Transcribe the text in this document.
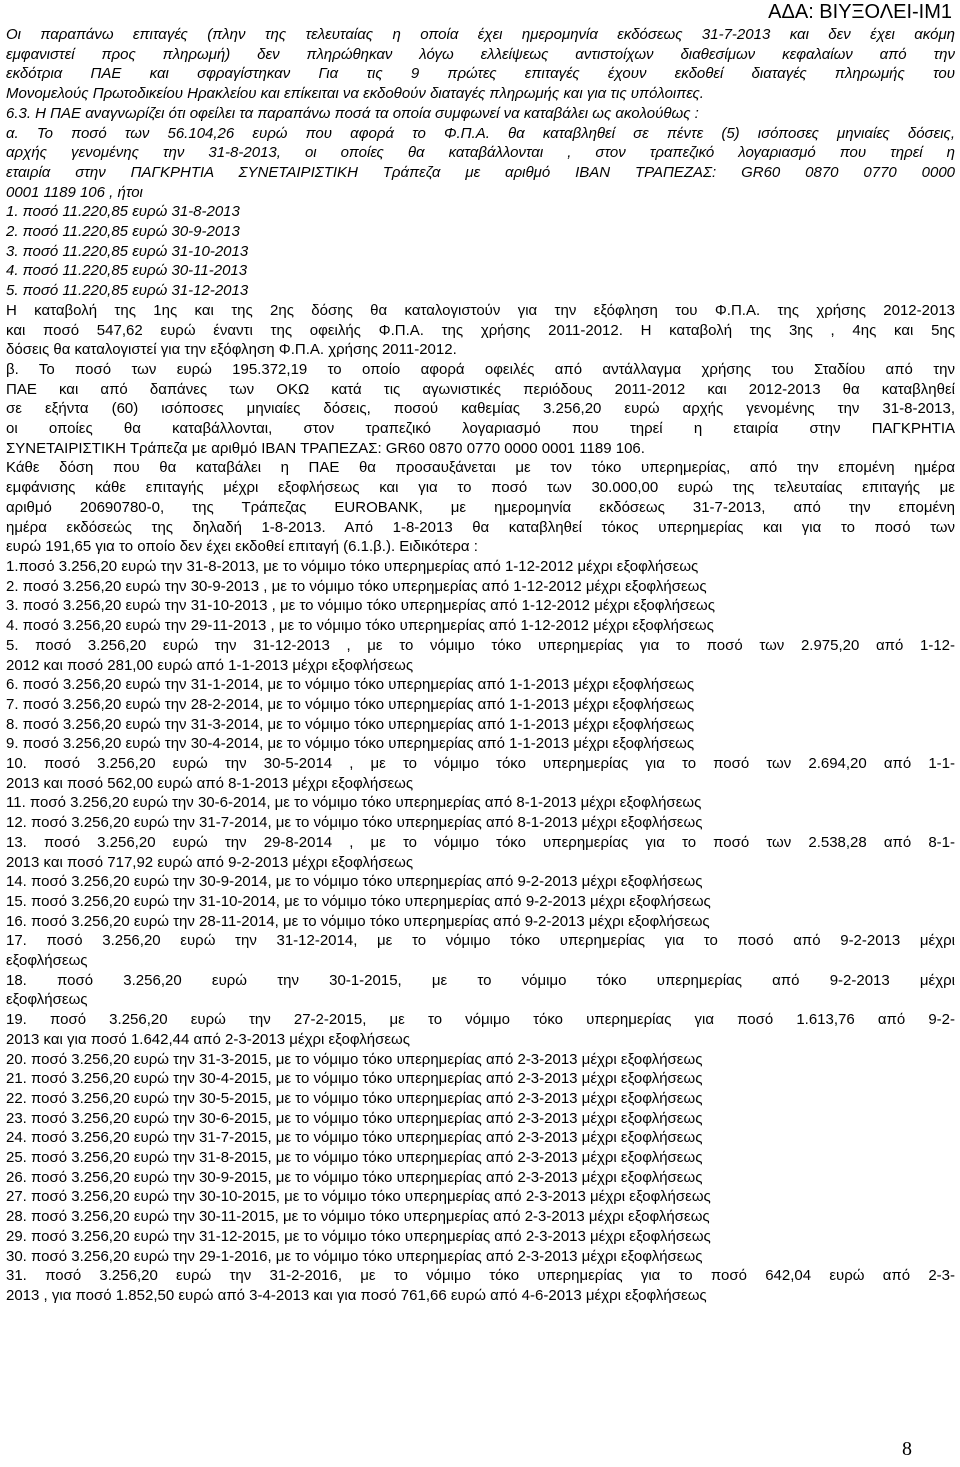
ΑΔΑ: ΒΙΥΞΟΛΕΙ-ΙΜ1
Οι παραπάνω επιταγές (πλην της τελευταίας η οποία έχει ημερομηνία εκδόσεως 31-7-2013 και δεν έχει ακόμη
εμφανιστεί προς πληρωμή) δεν πληρώθηκαν λόγω ελλείψεως αντιστοίχων διαθεσίμων κεφαλαίων από την
εκδότρια ΠΑΕ και σφραγίστηκαν Για τις 9 πρώτες επιταγές έχουν εκδοθεί διαταγές πληρωμής του
Μονομελούς Πρωτοδικείου Ηρακλείου και επίκειται να εκδοθούν διαταγές πληρωμής και για τις υπόλοιπες.
6.3. Η ΠΑΕ αναγνωρίζει ότι οφείλει τα παραπάνω ποσά τα οποία συμφωνεί να καταβάλει ως ακολούθως :
α. Το ποσό των 56.104,26 ευρώ που αφορά το Φ.Π.Α. θα καταβληθεί σε πέντε (5) ισόποσες μηνιαίες δόσεις,
αρχής γενομένης την 31-8-2013, οι οποίες θα καταβάλλονται , στον τραπεζικό λογαριασμό που τηρεί η
εταιρία στην ΠΑΓΚΡΗΤΙΑ ΣΥΝΕΤΑΙΡΙΣΤΙΚΗ Τράπεζα με αριθμό ΙΒΑΝ ΤΡΑΠΕΖΑΣ: GR60 0870 0770 0000
0001 1189 106 , ήτοι
1. ποσό 11.220,85 ευρώ 31-8-2013
2. ποσό 11.220,85 ευρώ 30-9-2013
3. ποσό 11.220,85 ευρώ 31-10-2013
4. ποσό 11.220,85 ευρώ 30-11-2013
5. ποσό 11.220,85 ευρώ 31-12-2013
Η καταβολή της 1ης και της 2ης δόσης θα καταλογιστούν για την εξόφληση του Φ.Π.Α. της χρήσης 2012-2013
και ποσό 547,62 ευρώ έναντι της οφειλής Φ.Π.Α. της χρήσης 2011-2012. Η καταβολή της 3ης , 4ης και 5ης
δόσεις θα καταλογιστεί για την εξόφληση Φ.Π.Α. χρήσης 2011-2012.
β. Το ποσό των ευρώ 195.372,19 το οποίο αφορά οφειλές από αντάλλαγμα χρήσης του Σταδίου από την
ΠΑΕ και από δαπάνες των ΟΚΩ κατά τις αγωνιστικές περιόδους 2011-2012 και 2012-2013 θα καταβληθεί
σε εξήντα (60) ισόποσες μηνιαίες δόσεις, ποσού καθεμίας 3.256,20 ευρώ αρχής γενομένης την 31-8-2013,
οι οποίες θα καταβάλλονται, στον τραπεζικό λογαριασμό που τηρεί η εταιρία στην ΠΑΓΚΡΗΤΙΑ
ΣΥΝΕΤΑΙΡΙΣΤΙΚΗ Τράπεζα με αριθμό ΙΒΑΝ ΤΡΑΠΕΖΑΣ: GR60 0870 0770 0000 0001 1189 106.
Κάθε δόση που θα καταβάλει η ΠΑΕ θα προσαυξάνεται με τον τόκο υπερημερίας, από την επομένη ημέρα
εμφάνισης κάθε επιταγής μέχρι εξοφλήσεως και για το ποσό των 30.000,00 ευρώ της τελευταίας επιταγής με
αριθμό 20690780-0, της Τράπεζας EUROBANK, με ημερομηνία εκδόσεως 31-7-2013, από την επομένη
ημέρα εκδόσεώς της δηλαδή 1-8-2013. Από 1-8-2013 θα καταβληθεί τόκος υπερημερίας και για το ποσό των
ευρώ 191,65 για το οποίο δεν έχει εκδοθεί επιταγή (6.1.β.). Ειδικότερα :
1.ποσό 3.256,20 ευρώ την 31-8-2013, με το νόμιμο τόκο υπερημερίας από 1-12-2012 μέχρι εξοφλήσεως
2. ποσό 3.256,20 ευρώ την 30-9-2013 , με το νόμιμο τόκο υπερημερίας από 1-12-2012 μέχρι εξοφλήσεως
3. ποσό 3.256,20 ευρώ την 31-10-2013 , με το νόμιμο τόκο υπερημερίας από 1-12-2012 μέχρι εξοφλήσεως
4. ποσό 3.256,20 ευρώ την 29-11-2013 , με το νόμιμο τόκο υπερημερίας από 1-12-2012 μέχρι εξοφλήσεως
5. ποσό 3.256,20 ευρώ την 31-12-2013 , με το νόμιμο τόκο υπερημερίας για το ποσό των 2.975,20 από 1-12-
2012 και ποσό 281,00 ευρώ από 1-1-2013 μέχρι εξοφλήσεως
6. ποσό 3.256,20 ευρώ την 31-1-2014, με το νόμιμο τόκο υπερημερίας από 1-1-2013 μέχρι εξοφλήσεως
7. ποσό 3.256,20 ευρώ την 28-2-2014, με το νόμιμο τόκο υπερημερίας από 1-1-2013 μέχρι εξοφλήσεως
8. ποσό 3.256,20 ευρώ την 31-3-2014, με το νόμιμο τόκο υπερημερίας από 1-1-2013 μέχρι εξοφλήσεως
9. ποσό 3.256,20 ευρώ την 30-4-2014, με το νόμιμο τόκο υπερημερίας από 1-1-2013 μέχρι εξοφλήσεως
10. ποσό 3.256,20 ευρώ την 30-5-2014 , με το νόμιμο τόκο υπερημερίας για το ποσό των 2.694,20 από 1-1-
2013 και ποσό 562,00 ευρώ από 8-1-2013 μέχρι εξοφλήσεως
11. ποσό 3.256,20 ευρώ την 30-6-2014, με το νόμιμο τόκο υπερημερίας από 8-1-2013 μέχρι εξοφλήσεως
12. ποσό 3.256,20 ευρώ την 31-7-2014, με το νόμιμο τόκο υπερημερίας από 8-1-2013 μέχρι εξοφλήσεως
13. ποσό 3.256,20 ευρώ την 29-8-2014 , με το νόμιμο τόκο υπερημερίας για το ποσό των 2.538,28 από 8-1-
2013 και ποσό 717,92 ευρώ από 9-2-2013 μέχρι εξοφλήσεως
14. ποσό 3.256,20 ευρώ την 30-9-2014, με το νόμιμο τόκο υπερημερίας από 9-2-2013 μέχρι εξοφλήσεως
15. ποσό 3.256,20 ευρώ την 31-10-2014, με το νόμιμο τόκο υπερημερίας από 9-2-2013 μέχρι εξοφλήσεως
16. ποσό 3.256,20 ευρώ την 28-11-2014, με το νόμιμο τόκο υπερημερίας από 9-2-2013 μέχρι εξοφλήσεως
17. ποσό 3.256,20 ευρώ την 31-12-2014, με το νόμιμο τόκο υπερημερίας για το ποσό από 9-2-2013 μέχρι
εξοφλήσεως
18. ποσό 3.256,20 ευρώ την 30-1-2015, με το νόμιμο τόκο υπερημερίας από 9-2-2013 μέχρι
εξοφλήσεως
19. ποσό 3.256,20 ευρώ την 27-2-2015, με το νόμιμο τόκο υπερημερίας για ποσό 1.613,76 από 9-2-
2013 και για ποσό 1.642,44 από 2-3-2013 μέχρι εξοφλήσεως
20. ποσό 3.256,20 ευρώ την 31-3-2015, με το νόμιμο τόκο υπερημερίας από 2-3-2013 μέχρι εξοφλήσεως
21. ποσό 3.256,20 ευρώ την 30-4-2015, με το νόμιμο τόκο υπερημερίας από 2-3-2013 μέχρι εξοφλήσεως
22. ποσό 3.256,20 ευρώ την 30-5-2015, με το νόμιμο τόκο υπερημερίας από 2-3-2013 μέχρι εξοφλήσεως
23. ποσό 3.256,20 ευρώ την 30-6-2015, με το νόμιμο τόκο υπερημερίας από 2-3-2013 μέχρι εξοφλήσεως
24. ποσό 3.256,20 ευρώ την 31-7-2015, με το νόμιμο τόκο υπερημερίας από 2-3-2013 μέχρι εξοφλήσεως
25. ποσό 3.256,20 ευρώ την 31-8-2015, με το νόμιμο τόκο υπερημερίας από 2-3-2013 μέχρι εξοφλήσεως
26. ποσό 3.256,20 ευρώ την 30-9-2015, με το νόμιμο τόκο υπερημερίας από 2-3-2013 μέχρι εξοφλήσεως
27. ποσό 3.256,20 ευρώ την 30-10-2015, με το νόμιμο τόκο υπερημερίας από 2-3-2013 μέχρι εξοφλήσεως
28. ποσό 3.256,20 ευρώ την 30-11-2015, με το νόμιμο τόκο υπερημερίας από 2-3-2013 μέχρι εξοφλήσεως
29. ποσό 3.256,20 ευρώ την 31-12-2015, με το νόμιμο τόκο υπερημερίας από 2-3-2013 μέχρι εξοφλήσεως
30. ποσό 3.256,20 ευρώ την 29-1-2016, με το νόμιμο τόκο υπερημερίας από 2-3-2013 μέχρι εξοφλήσεως
31. ποσό 3.256,20 ευρώ την 31-2-2016, με το νόμιμο τόκο υπερημερίας για το ποσό 642,04 ευρώ από 2-3-
2013 , για ποσό 1.852,50 ευρώ από 3-4-2013 και για ποσό 761,66 ευρώ από 4-6-2013 μέχρι εξοφλήσεως
8
